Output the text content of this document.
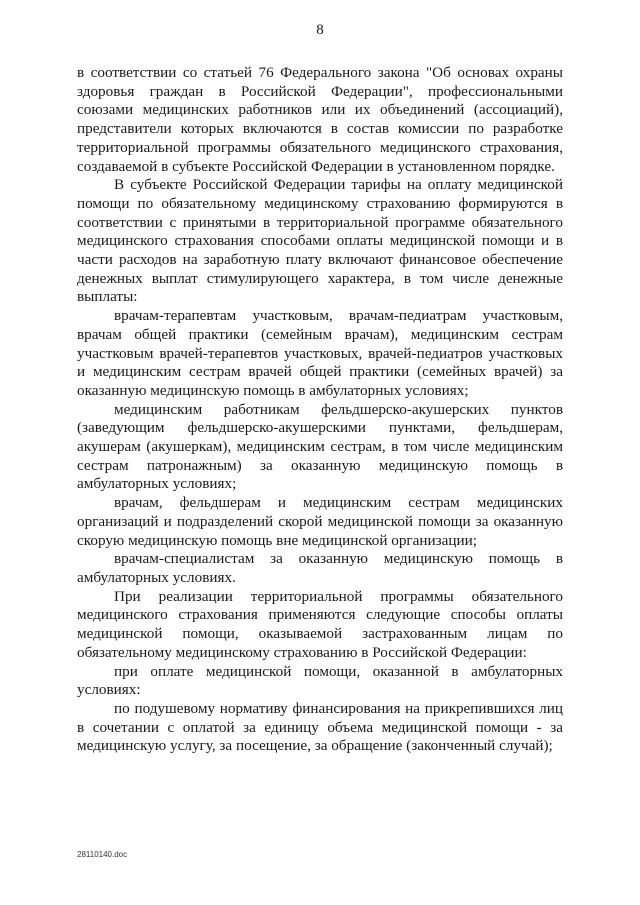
8

в соответствии со статьей 76 Федерального закона "Об основах охраны здоровья граждан в Российской Федерации", профессиональными союзами медицинских работников или их объединений (ассоциаций), представители которых включаются в состав комиссии по разработке территориальной программы обязательного медицинского страхования, создаваемой в субъекте Российской Федерации в установленном порядке.

В субъекте Российской Федерации тарифы на оплату медицинской помощи по обязательному медицинскому страхованию формируются в соответствии с принятыми в территориальной программе обязательного медицинского страхования способами оплаты медицинской помощи и в части расходов на заработную плату включают финансовое обеспечение денежных выплат стимулирующего характера, в том числе денежные выплаты:

врачам-терапевтам участковым, врачам-педиатрам участковым, врачам общей практики (семейным врачам), медицинским сестрам участковым врачей-терапевтов участковых, врачей-педиатров участковых и медицинским сестрам врачей общей практики (семейных врачей) за оказанную медицинскую помощь в амбулаторных условиях;

медицинским работникам фельдшерско-акушерских пунктов (заведующим фельдшерско-акушерскими пунктами, фельдшерам, акушерам (акушеркам), медицинским сестрам, в том числе медицинским сестрам патронажным) за оказанную медицинскую помощь в амбулаторных условиях;

врачам, фельдшерам и медицинским сестрам медицинских организаций и подразделений скорой медицинской помощи за оказанную скорую медицинскую помощь вне медицинской организации;

врачам-специалистам за оказанную медицинскую помощь в амбулаторных условиях.

При реализации территориальной программы обязательного медицинского страхования применяются следующие способы оплаты медицинской помощи, оказываемой застрахованным лицам по обязательному медицинскому страхованию в Российской Федерации:

при оплате медицинской помощи, оказанной в амбулаторных условиях:

по подушевому нормативу финансирования на прикрепившихся лиц в сочетании с оплатой за единицу объема медицинской помощи - за медицинскую услугу, за посещение, за обращение (законченный случай);

28110140.doc
